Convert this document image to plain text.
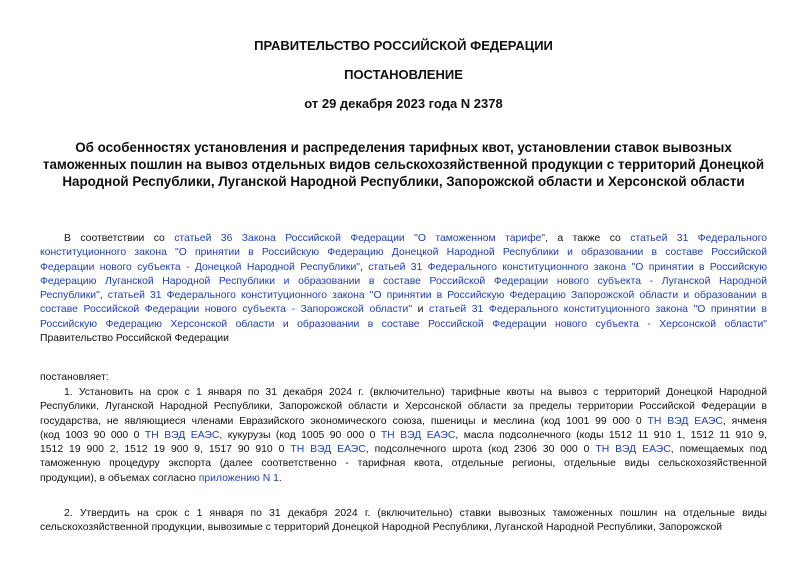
ПРАВИТЕЛЬСТВО РОССИЙСКОЙ ФЕДЕРАЦИИ
ПОСТАНОВЛЕНИЕ
от 29 декабря 2023 года N 2378
Об особенностях установления и распределения тарифных квот, установлении ставок вывозных
таможенных пошлин на вывоз отдельных видов сельскохозяйственной продукции с территорий Донецкой
Народной Республики, Луганской Народной Республики, Запорожской области и Херсонской области
В соответствии со статьей 36 Закона Российской Федерации "О таможенном тарифе", а также со статьей 31 Федерального
конституционного закона "О принятии в Российскую Федерацию Донецкой Народной Республики и образовании в составе Российской
Федерации нового субъекта - Донецкой Народной Республики", статьей 31 Федерального конституционного закона "О принятии в Российскую
Федерацию Луганской Народной Республики и образовании в составе Российской Федерации нового субъекта - Луганской Народной
Республики", статьей 31 Федерального конституционного закона "О принятии в Российскую Федерацию Запорожской области и образовании в
составе Российской Федерации нового субъекта - Запорожской области" и статьей 31 Федерального конституционного закона "О принятии в
Российскую Федерацию Херсонской области и образовании в составе Российской Федерации нового субъекта - Херсонской области"
Правительство Российской Федерации
постановляет:
1. Установить на срок с 1 января по 31 декабря 2024 г. (включительно) тарифные квоты на вывоз с территорий Донецкой Народной
Республики, Луганской Народной Республики, Запорожской области и Херсонской области за пределы территории Российской Федерации в
государства, не являющиеся членами Евразийского экономического союза, пшеницы и меслина (код 1001 99 000 0 ТН ВЭД ЕАЭС, ячменя
(код 1003 90 000 0 ТН ВЭД ЕАЭС, кукурузы (код 1005 90 000 0 ТН ВЭД ЕАЭС, масла подсолнечного (коды 1512 11 910 1, 1512 11 910 9,
1512 19 900 2, 1512 19 900 9, 1517 90 910 0 ТН ВЭД ЕАЭС, подсолнечного шрота (код 2306 30 000 0 ТН ВЭД ЕАЭС, помещаемых под
таможенную процедуру экспорта (далее соответственно - тарифная квота, отдельные регионы, отдельные виды сельскохозяйственной
продукции), в объемах согласно приложению N 1.
2. Утвердить на срок с 1 января по 31 декабря 2024 г. (включительно) ставки вывозных таможенных пошлин на отдельные виды
сельскохозяйственной продукции, вывозимые с территорий Донецкой Народной Республики, Луганской Народной Республики, Запорожской
